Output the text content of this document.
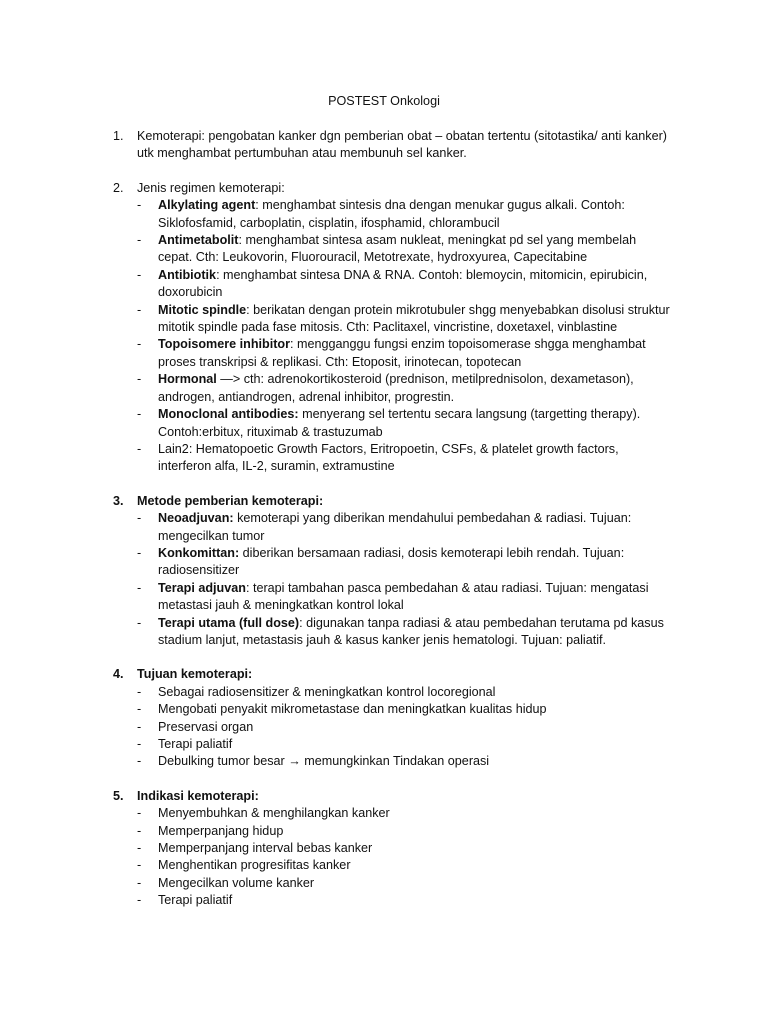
POSTEST Onkologi
1. Kemoterapi: pengobatan kanker dgn pemberian obat – obatan tertentu (sitotastika/ anti kanker) utk menghambat pertumbuhan atau membunuh sel kanker.
2. Jenis regimen kemoterapi:
- Alkylating agent: menghambat sintesis dna dengan menukar gugus alkali. Contoh: Siklofosfamid, carboplatin, cisplatin, ifosphamid, chlorambucil
- Antimetabolit: menghambat sintesa asam nukleat, meningkat pd sel yang membelah cepat. Cth: Leukovorin, Fluorouracil, Metotrexate, hydroxyurea, Capecitabine
- Antibiotik: menghambat sintesa DNA & RNA. Contoh: blemoycin, mitomicin, epirubicin, doxorubicin
- Mitotic spindle: berikatan dengan protein mikrotubuler shgg menyebabkan disolusi struktur mitotik spindle pada fase mitosis. Cth: Paclitaxel, vincristine, doxetaxel, vinblastine
- Topoisomere inhibitor: mengganggu fungsi enzim topoisomerase shgga menghambat proses transkripsi & replikasi. Cth: Etoposit, irinotecan, topotecan
- Hormonal —> cth: adrenokortikosteroid (prednison, metilprednisolon, dexametason), androgen, antiandrogen, adrenal inhibitor, progrestin.
- Monoclonal antibodies: menyerang sel tertentu secara langsung (targetting therapy). Contoh:erbitux, rituximab & trastuzumab
- Lain2: Hematopoetic Growth Factors, Eritropoetin, CSFs, & platelet growth factors, interferon alfa, IL-2, suramin, extramustine
3. Metode pemberian kemoterapi:
- Neoadjuvan: kemoterapi yang diberikan mendahului pembedahan & radiasi. Tujuan: mengecilkan tumor
- Konkomittan: diberikan bersamaan radiasi, dosis kemoterapi lebih rendah. Tujuan: radiosensitizer
- Terapi adjuvan: terapi tambahan pasca pembedahan & atau radiasi. Tujuan: mengatasi metastasi jauh & meningkatkan kontrol lokal
- Terapi utama (full dose): digunakan tanpa radiasi & atau pembedahan terutama pd kasus stadium lanjut, metastasis jauh & kasus kanker jenis hematologi. Tujuan: paliatif.
4. Tujuan kemoterapi:
- Sebagai radiosensitizer & meningkatkan kontrol locoregional
- Mengobati penyakit mikrometastase dan meningkatkan kualitas hidup
- Preservasi organ
- Terapi paliatif
- Debulking tumor besar → memungkinkan Tindakan operasi
5. Indikasi kemoterapi:
- Menyembuhkan & menghilangkan kanker
- Memperpanjang hidup
- Memperpanjang interval bebas kanker
- Menghentikan progresifitas kanker
- Mengecilkan volume kanker
- Terapi paliatif
